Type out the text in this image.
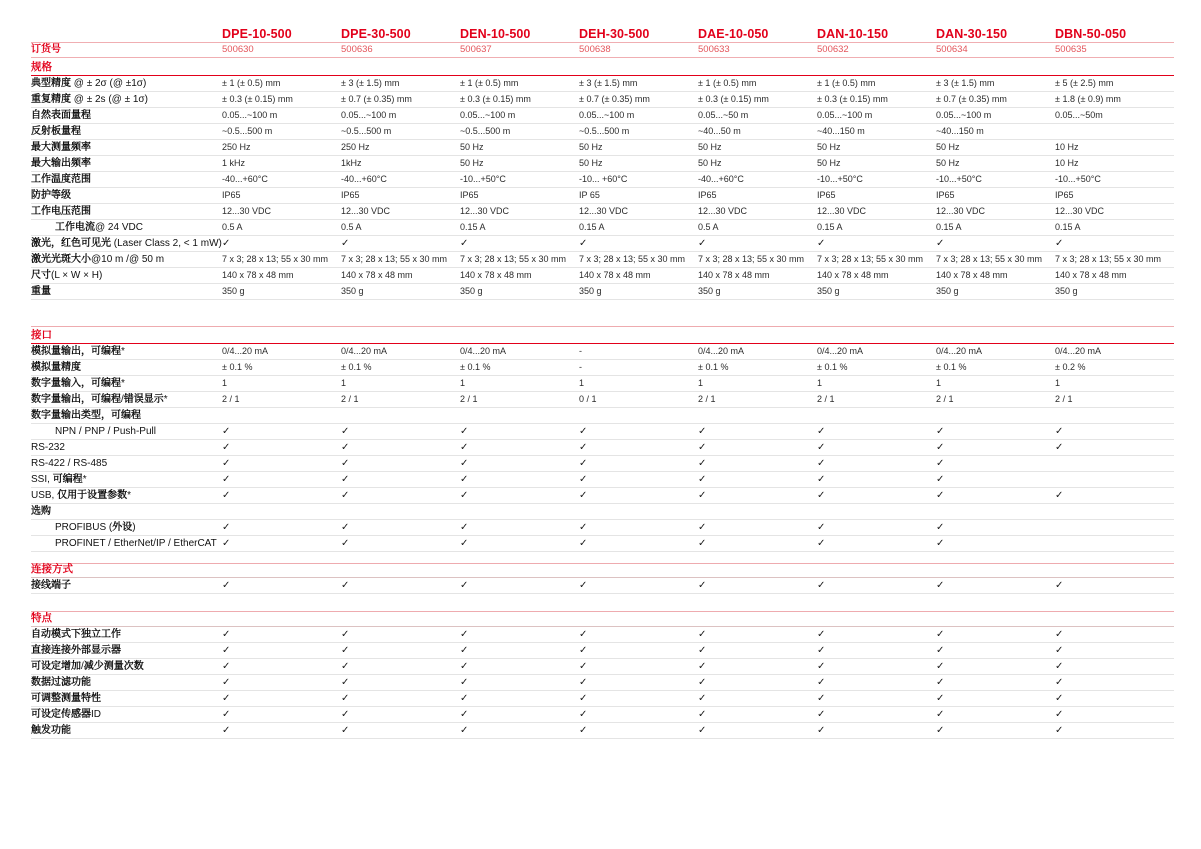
DPE-10-500	DPE-30-500	DEN-10-500	DEH-30-500	DAE-10-050	DAN-10-150	DAN-30-150	DBN-50-050
订货号	500630	500636	500637	500638	500633	500632	500634	500635
规格
典型精度 @ ± 2σ (@ ±1σ)	± 1 (± 0.5) mm	± 3 (± 1.5) mm	± 1 (± 0.5) mm	± 3 (± 1.5) mm	± 1 (± 0.5) mm	± 1 (± 0.5) mm	± 3 (± 1.5) mm	± 5 (± 2.5) mm
重复精度 @ ± 2s (@ ± 1σ)	± 0.3 (± 0.15) mm	± 0.7 (± 0.35) mm	± 0.3 (± 0.15) mm	± 0.7 (± 0.35) mm	± 0.3 (± 0.15) mm	± 0.3 (± 0.15) mm	± 0.7 (± 0.35) mm	± 1.8 (± 0.9) mm
自然表面量程	0.05...~100 m	0.05...~100 m	0.05...~100 m	0.05...~100 m	0.05...~50 m	0.05...~100 m	0.05...~100 m	0.05...~50m
反射板量程	~0.5...500 m	~0.5...500 m	~0.5...500 m	~0.5...500 m	~40...50 m	~40...150 m	~40...150 m
最大测量频率	250 Hz	250 Hz	50 Hz	50 Hz	50 Hz	50 Hz	50 Hz	10 Hz
最大输出频率	1 kHz	1kHz	50 Hz	50 Hz	50 Hz	50 Hz	50 Hz	10 Hz
工作温度范围	-40...+60°C	-40...+60°C	-10...+50°C	-10... +60°C	-40...+60°C	-10...+50°C	-10...+50°C	-10...+50°C
防护等级	IP65	IP65	IP65	IP 65	IP65	IP65	IP65	IP65
工作电压范围	12...30 VDC	12...30 VDC	12...30 VDC	12...30 VDC	12...30 VDC	12...30 VDC	12...30 VDC	12...30 VDC
工作电流@ 24 VDC	0.5 A	0.5 A	0.15 A	0.15 A	0.5 A	0.15 A	0.15 A	0.15 A
激光，红色可见光 (Laser Class 2, < 1 mW) ✓	✓	✓	✓	✓	✓	✓	✓
激光光斑大小@10 m /@ 50 m	7 x 3; 28 x 13; 55 x 30 mm	7 x 3; 28 x 13; 55 x 30 mm	7 x 3; 28 x 13; 55 x 30 mm	7 x 3; 28 x 13; 55 x 30 mm	7 x 3; 28 x 13; 55 x 30 mm	7 x 3; 28 x 13; 55 x 30 mm	7 x 3; 28 x 13; 55 x 30 mm	7 x 3; 28 x 13; 55 x 30 mm
尺寸(L × W × H)	140 x 78 x 48 mm	140 x 78 x 48 mm	140 x 78 x 48 mm	140 x 78 x 48 mm	140 x 78 x 48 mm	140 x 78 x 48 mm	140 x 78 x 48 mm	140 x 78 x 48 mm
重量	350 g	350 g	350 g	350 g	350 g	350 g	350 g	350 g
接口
模拟量输出，可编程*	0/4...20 mA	0/4...20 mA	0/4...20 mA	-	0/4...20 mA	0/4...20 mA	0/4...20 mA	0/4...20 mA
模拟量精度	± 0.1 %	± 0.1 %	± 0.1 %	-	± 0.1 %	± 0.1 %	± 0.1 %	± 0.2 %
数字量输入，可编程*	1	1	1	1	1	1	1	1
数字量输出，可编程/错误显示*	2 / 1	2 / 1	2 / 1	0 / 1	2 / 1	2 / 1	2 / 1	2 / 1
数字量输出类型，可编程
NPN / PNP / Push-Pull	✓	✓	✓	✓	✓	✓	✓	✓
RS-232	✓	✓	✓	✓	✓	✓	✓	✓
RS-422 / RS-485	✓	✓	✓	✓	✓	✓	✓
SSI, 可编程*	✓	✓	✓	✓	✓	✓	✓
USB, 仅用于设置参数*	✓	✓	✓	✓	✓	✓	✓	✓
选购
PROFIBUS (外设)	✓	✓	✓	✓	✓	✓	✓
PROFINET / EtherNet/IP / EtherCAT ✓	✓	✓	✓	✓	✓	✓
连接方式
接线端子	✓	✓	✓	✓	✓	✓	✓	✓
特点
自动模式下独立工作	✓	✓	✓	✓	✓	✓	✓	✓
直接连接外部显示器	✓	✓	✓	✓	✓	✓	✓	✓
可设定增加/减少测量次数	✓	✓	✓	✓	✓	✓	✓	✓
数据过滤功能	✓	✓	✓	✓	✓	✓	✓	✓
可调整测量特性	✓	✓	✓	✓	✓	✓	✓	✓
可设定传感器ID	✓	✓	✓	✓	✓	✓	✓	✓
触发功能	✓	✓	✓	✓	✓	✓	✓	✓
